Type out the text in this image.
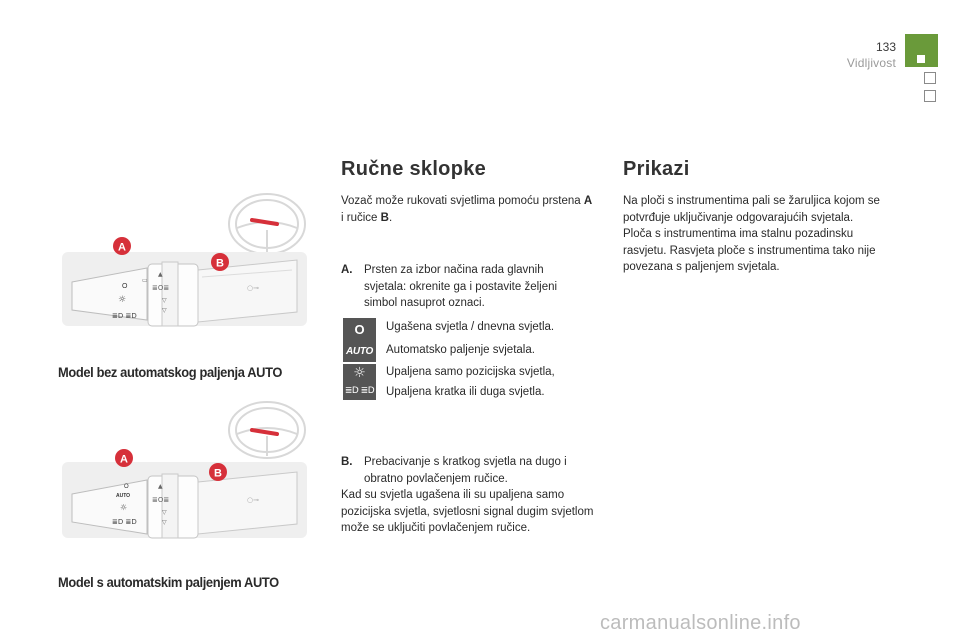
133
Vidljivost
O
☼
≣D ≣D
▭
▲
≣O≣
▽
▽
○⊸
A
B
Model bez automatskog paljenja AUTO
O
AUTO
☼
≣D ≣D
▲
≣O≣
▽
▽
○⊸
A
B
Model s automatskim paljenjem AUTO
Ručne sklopke
Vozač može rukovati svjetlima pomoću prstena A
i ručice B.
A. Prsten za izbor načina rada glavnih svjetala: okrenite ga i postavite željeni simbol nasuprot oznaci.
O Ugašena svjetla / dnevna svjetla.
AUTO Automatsko paljenje svjetala.
☼ Upaljena samo pozicijska svjetla,
≣D ≣D Upaljena kratka ili duga svjetla.
B. Prebacivanje s kratkog svjetla na dugo i obratno povlačenjem ručice.
Kad su svjetla ugašena ili su upaljena samo pozicijska svjetla, svjetlosni signal dugim svjetlom može se uključiti povlačenjem ručice.
Prikazi
Na ploči s instrumentima pali se žaruljica kojom se potvrđuje uključivanje odgovarajućih svjetala. Ploča s instrumentima ima stalnu pozadinsku rasvjetu. Rasvjeta ploče s instrumentima tako nije povezana s paljenjem svjetala.
carmanualsonline.info
